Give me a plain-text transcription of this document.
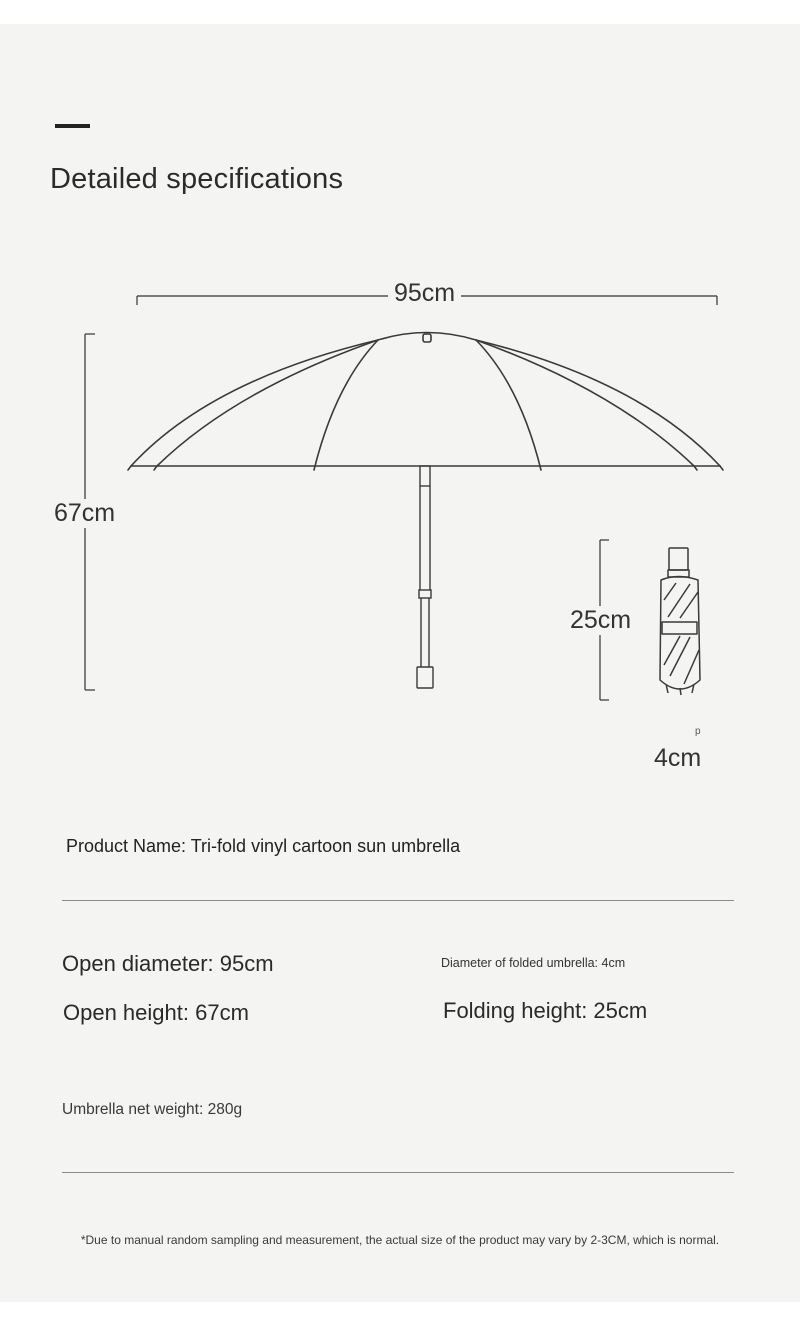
Detailed specifications
95cm
67cm
25cm
p
4cm
Product Name: Tri-fold vinyl cartoon sun umbrella
Open diameter: 95cm	Diameter of folded umbrella: 4cm
Open height: 67cm	Folding height: 25cm
Umbrella net weight: 280g
*Due to manual random sampling and measurement, the actual size of the product may vary by 2-3CM, which is normal.
